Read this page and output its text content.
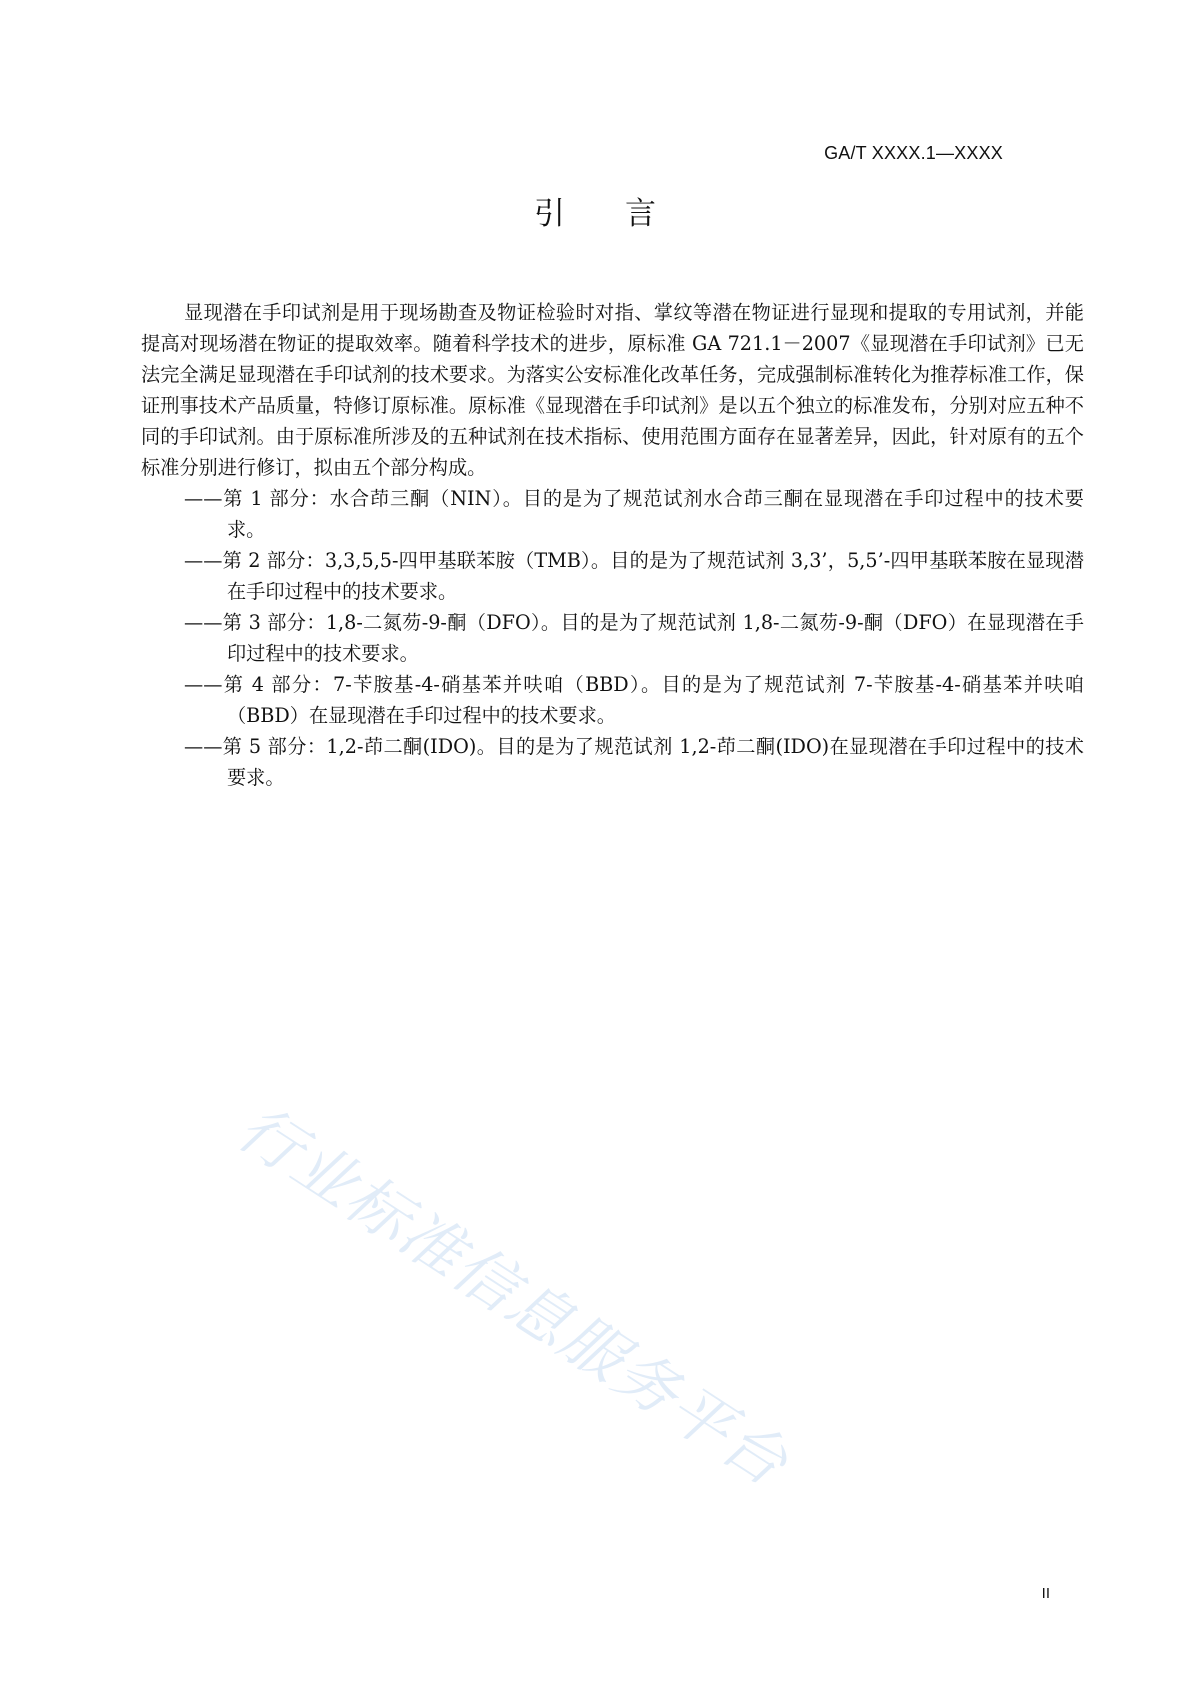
GA/T XXXX.1—XXXX
引言

显现潜在手印试剂是用于现场勘查及物证检验时对指、掌纹等潜在物证进行显现和提取的专用试剂，并能提高对现场潜在物证的提取效率。随着科学技术的进步，原标准 GA 721.1－2007《显现潜在手印试剂》已无法完全满足显现潜在手印试剂的技术要求。为落实公安标准化改革任务，完成强制标准转化为推荐标准工作，保证刑事技术产品质量，特修订原标准。原标准《显现潜在手印试剂》是以五个独立的标准发布，分别对应五种不同的手印试剂。由于原标准所涉及的五种试剂在技术指标、使用范围方面存在显著差异，因此，针对原有的五个标准分别进行修订，拟由五个部分构成。

——第 1 部分：水合茚三酮（NIN）。目的是为了规范试剂水合茚三酮在显现潜在手印过程中的技术要求。

——第 2 部分：3,3,5,5-四甲基联苯胺（TMB）。目的是为了规范试剂 3,3’，5,5’-四甲基联苯胺在显现潜在手印过程中的技术要求。

——第 3 部分：1,8-二氮芴-9-酮（DFO）。目的是为了规范试剂 1,8-二氮芴-9-酮（DFO）在显现潜在手印过程中的技术要求。

——第 4 部分：7-苄胺基-4-硝基苯并呋咱（BBD）。目的是为了规范试剂 7-苄胺基-4-硝基苯并呋咱（BBD）在显现潜在手印过程中的技术要求。

——第 5 部分：1,2-茚二酮(IDO)。目的是为了规范试剂 1,2-茚二酮(IDO)在显现潜在手印过程中的技术要求。

行业标准信息服务平台
II
